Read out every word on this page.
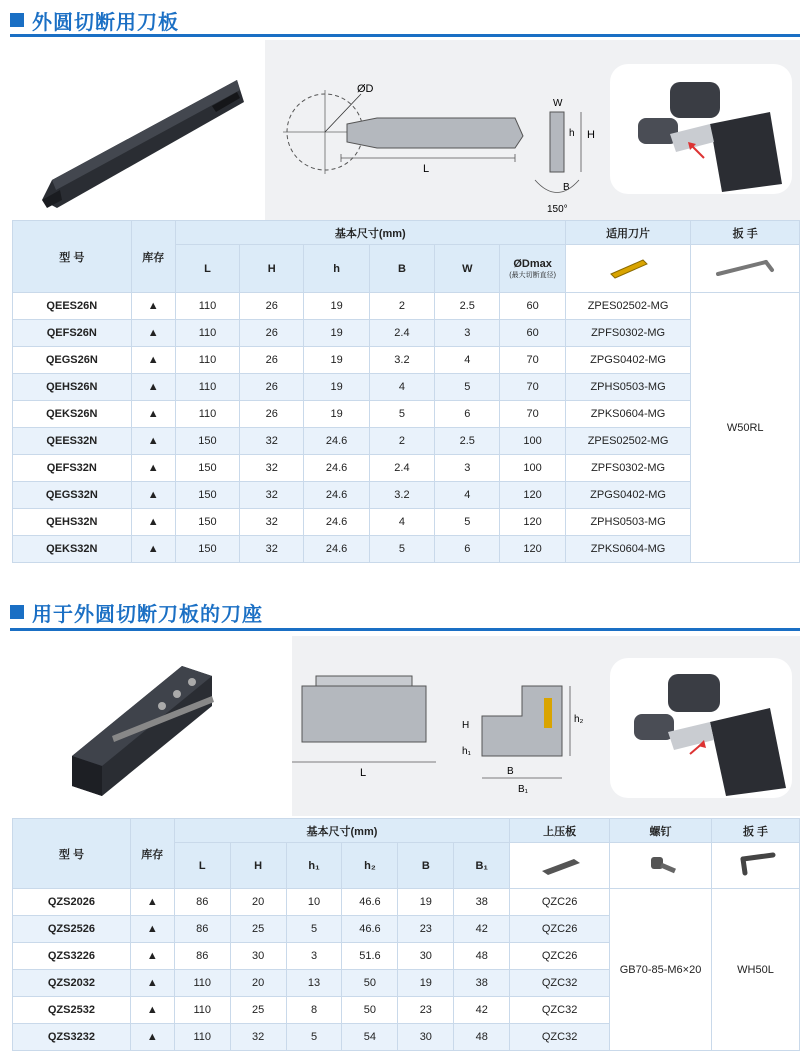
外圆切断用刀板
ØD
L
W
h H
B
150°
型 号	库存	基本尺寸(mm)						适用刀片	扳 手
		L	H	h	B	W	ØDmax
(最大切断直径)

QEES26N	▲	110	26	19	2	2.5	60	ZPES02502-MG	W50RL
QEFS26N	▲	110	26	19	2.4	3	60	ZPFS0302-MG	
QEGS26N	▲	110	26	19	3.2	4	70	ZPGS0402-MG	
QEHS26N	▲	110	26	19	4	5	70	ZPHS0503-MG	
QEKS26N	▲	110	26	19	5	6	70	ZPKS0604-MG	
QEES32N	▲	150	32	24.6	2	2.5	100	ZPES02502-MG	
QEFS32N	▲	150	32	24.6	2.4	3	100	ZPFS0302-MG	
QEGS32N	▲	150	32	24.6	3.2	4	120	ZPGS0402-MG	
QEHS32N	▲	150	32	24.6	4	5	120	ZPHS0503-MG	
QEKS32N	▲	150	32	24.6	5	6	120	ZPKS0604-MG	
用于外圆切断刀板的刀座
L
H
h₁
h₂
B
B₁
型 号	库存	基本尺寸(mm)						上压板	螺钉	扳 手
		L	H	h₁	h₂	B	B₁			
QZS2026	▲	86	20	10	46.6	19	38	QZC26	GB70-85-M6×20	WH50L
QZS2526	▲	86	25	5	46.6	23	42	QZC26		
QZS3226	▲	86	30	3	51.6	30	48	QZC26		
QZS2032	▲	110	20	13	50	19	38	QZC32		
QZS2532	▲	110	25	8	50	23	42	QZC32		
QZS3232	▲	110	32	5	54	30	48	QZC32		
